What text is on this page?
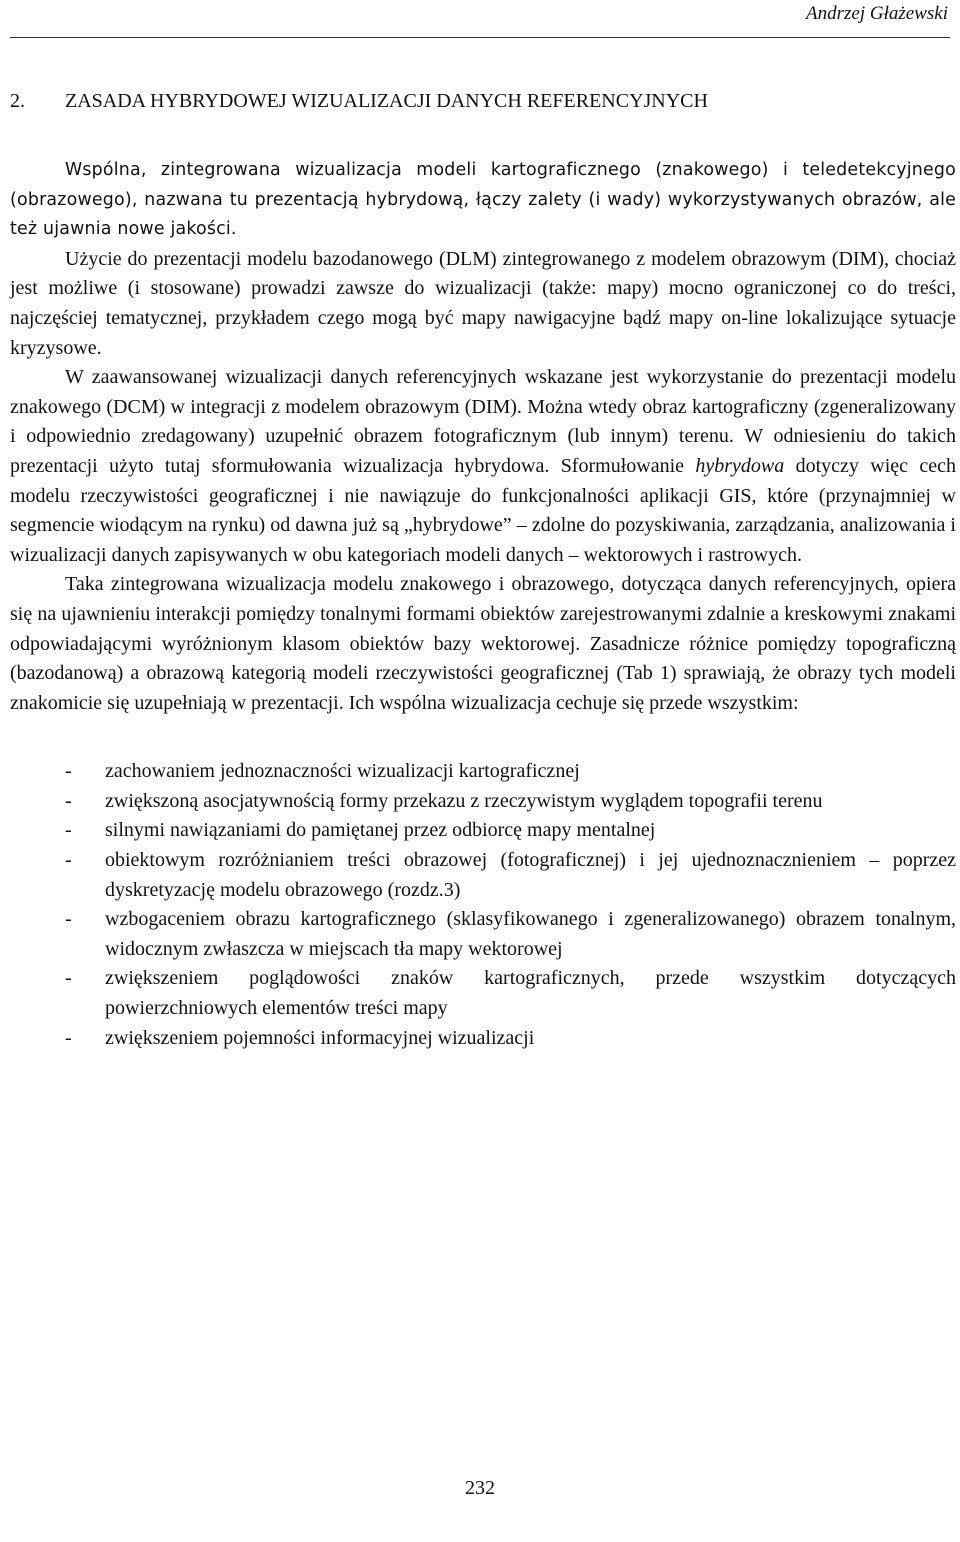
Andrzej Głażewski
2. ZASADA HYBRYDOWEJ WIZUALIZACJI DANYCH REFERENCYJNYCH

Wspólna, zintegrowana wizualizacja modeli kartograficznego (znakowego) i teledetekcyjnego (obrazowego), nazwana tu prezentacją hybrydową, łączy zalety (i wady) wykorzystywanych obrazów, ale też ujawnia nowe jakości.

Użycie do prezentacji modelu bazodanowego (DLM) zintegrowanego z modelem obrazowym (DIM), chociaż jest możliwe (i stosowane) prowadzi zawsze do wizualizacji (także: mapy) mocno ograniczonej co do treści, najczęściej tematycznej, przykładem czego mogą być mapy nawigacyjne bądź mapy on-line lokalizujące sytuacje kryzysowe.

W zaawansowanej wizualizacji danych referencyjnych wskazane jest wykorzystanie do prezentacji modelu znakowego (DCM) w integracji z modelem obrazowym (DIM). Można wtedy obraz kartograficzny (zgeneralizowany i odpowiednio zredagowany) uzupełnić obrazem fotograficznym (lub innym) terenu. W odniesieniu do takich prezentacji użyto tutaj sformułowania wizualizacja hybrydowa. Sformułowanie hybrydowa dotyczy więc cech modelu rzeczywistości geograficznej i nie nawiązuje do funkcjonalności aplikacji GIS, które (przynajmniej w segmencie wiodącym na rynku) od dawna już są „hybrydowe” – zdolne do pozyskiwania, zarządzania, analizowania i wizualizacji danych zapisywanych w obu kategoriach modeli danych – wektorowych i rastrowych.

Taka zintegrowana wizualizacja modelu znakowego i obrazowego, dotycząca danych referencyjnych, opiera się na ujawnieniu interakcji pomiędzy tonalnymi formami obiektów zarejestrowanymi zdalnie a kreskowymi znakami odpowiadającymi wyróżnionym klasom obiektów bazy wektorowej. Zasadnicze różnice pomiędzy topograficzną (bazodanową) a obrazową kategorią modeli rzeczywistości geograficznej (Tab 1) sprawiają, że obrazy tych modeli znakomicie się uzupełniają w prezentacji. Ich wspólna wizualizacja cechuje się przede wszystkim:

- zachowaniem jednoznaczności wizualizacji kartograficznej
- zwiększoną asocjatywnością formy przekazu z rzeczywistym wyglądem topografii terenu
- silnymi nawiązaniami do pamiętanej przez odbiorcę mapy mentalnej
- obiektowym rozróżnianiem treści obrazowej (fotograficznej) i jej ujednoznacznieniem – poprzez dyskretyzację modelu obrazowego (rozdz.3)
- wzbogaceniem obrazu kartograficznego (sklasyfikowanego i zgeneralizowanego) obrazem tonalnym, widocznym zwłaszcza w miejscach tła mapy wektorowej
- zwiększeniem poglądowości znaków kartograficznych, przede wszystkim dotyczących powierzchniowych elementów treści mapy
- zwiększeniem pojemności informacyjnej wizualizacji
232
